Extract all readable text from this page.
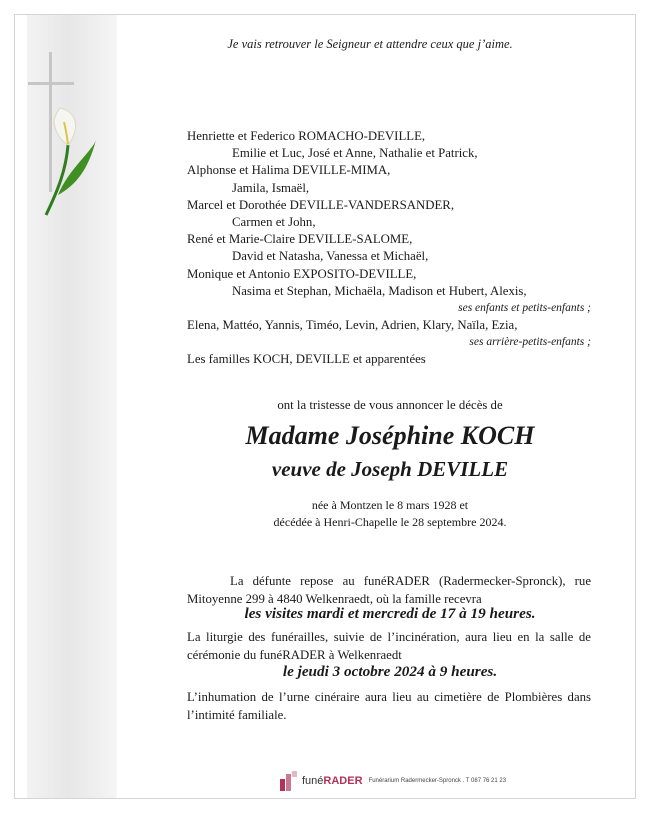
Je vais retrouver le Seigneur et attendre ceux que j’aime.
Henriette et Federico ROMACHO-DEVILLE,
Emilie et Luc, José et Anne, Nathalie et Patrick,
Alphonse et Halima DEVILLE-MIMA,
Jamila, Ismaël,
Marcel et Dorothée DEVILLE-VANDERSANDER,
Carmen et John,
René et Marie-Claire DEVILLE-SALOME,
David et Natasha, Vanessa et Michaël,
Monique et Antonio EXPOSITO-DEVILLE,
Nasima et Stephan, Michaëla, Madison et Hubert, Alexis,
ses enfants et petits-enfants ;
Elena, Mattéo, Yannis, Timéo, Levin, Adrien, Klary, Naïla, Ezia,
ses arrière-petits-enfants ;
Les familles KOCH, DEVILLE et apparentées
ont la tristesse de vous annoncer le décès de
Madame Joséphine KOCH
veuve de Joseph DEVILLE
née à Montzen le 8 mars 1928 et
décédée à Henri-Chapelle le 28 septembre 2024.
La défunte repose au funéRADER (Radermecker-Spronck), rue Mitoyenne 299 à 4840 Welkenraedt, où la famille recevra
les visites mardi et mercredi de 17 à 19 heures.
La liturgie des funérailles, suivie de l’incinération, aura lieu en la salle de cérémonie du funéRADER à Welkenraedt
le jeudi 3 octobre 2024 à 9 heures.
L’inhumation de l’urne cinéraire aura lieu au cimetière de Plombières dans l’intimité familiale.
funéRADER Funérarium Radermecker-Spronck . T 087 76 21 23
